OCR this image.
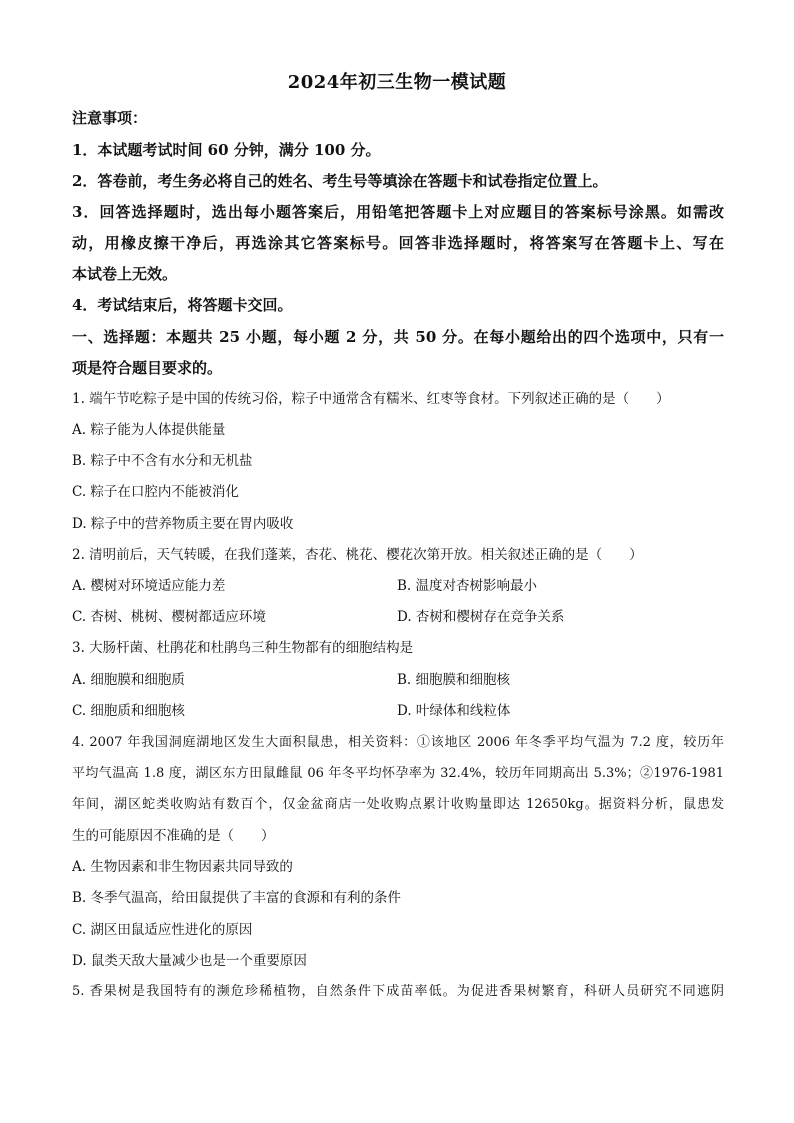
2024年初三生物一模试题
注意事项：
1．本试题考试时间 60 分钟，满分 100 分。
2．答卷前，考生务必将自己的姓名、考生号等填涂在答题卡和试卷指定位置上。
3．回答选择题时，选出每小题答案后，用铅笔把答题卡上对应题目的答案标号涂黑。如需改
动，用橡皮擦干净后，再选涂其它答案标号。回答非选择题时，将答案写在答题卡上、写在
本试卷上无效。
4．考试结束后，将答题卡交回。
一、选择题：本题共 25 小题，每小题 2 分，共 50 分。在每小题给出的四个选项中，只有一
项是符合题目要求的。
1. 端午节吃粽子是中国的传统习俗，粽子中通常含有糯米、红枣等食材。下列叙述正确的是（　　）
A. 粽子能为人体提供能量
B. 粽子中不含有水分和无机盐
C. 粽子在口腔内不能被消化
D. 粽子中的营养物质主要在胃内吸收
2. 清明前后，天气转暖，在我们蓬莱，杏花、桃花、樱花次第开放。相关叙述正确的是（　　）
A. 樱树对环境适应能力差	B. 温度对杏树影响最小
C. 杏树、桃树、樱树都适应环境	D. 杏树和樱树存在竞争关系
3. 大肠杆菌、杜鹃花和杜鹃鸟三种生物都有的细胞结构是
A. 细胞膜和细胞质	B. 细胞膜和细胞核
C. 细胞质和细胞核	D. 叶绿体和线粒体
4. 2007 年我国洞庭湖地区发生大面积鼠患，相关资料：①该地区 2006 年冬季平均气温为 7.2 度，较历年
平均气温高 1.8 度，湖区东方田鼠雌鼠 06 年冬平均怀孕率为 32.4%，较历年同期高出 5.3%；②1976-1981
年间，湖区蛇类收购站有数百个，仅金盆商店一处收购点累计收购量即达 12650kg。据资料分析，鼠患发
生的可能原因不准确的是（　　）
A. 生物因素和非生物因素共同导致的
B. 冬季气温高，给田鼠提供了丰富的食源和有利的条件
C. 湖区田鼠适应性进化的原因
D. 鼠类天敌大量减少也是一个重要原因
5. 香果树是我国特有的濒危珍稀植物，自然条件下成苗率低。为促进香果树繁育，科研人员研究不同遮阴
